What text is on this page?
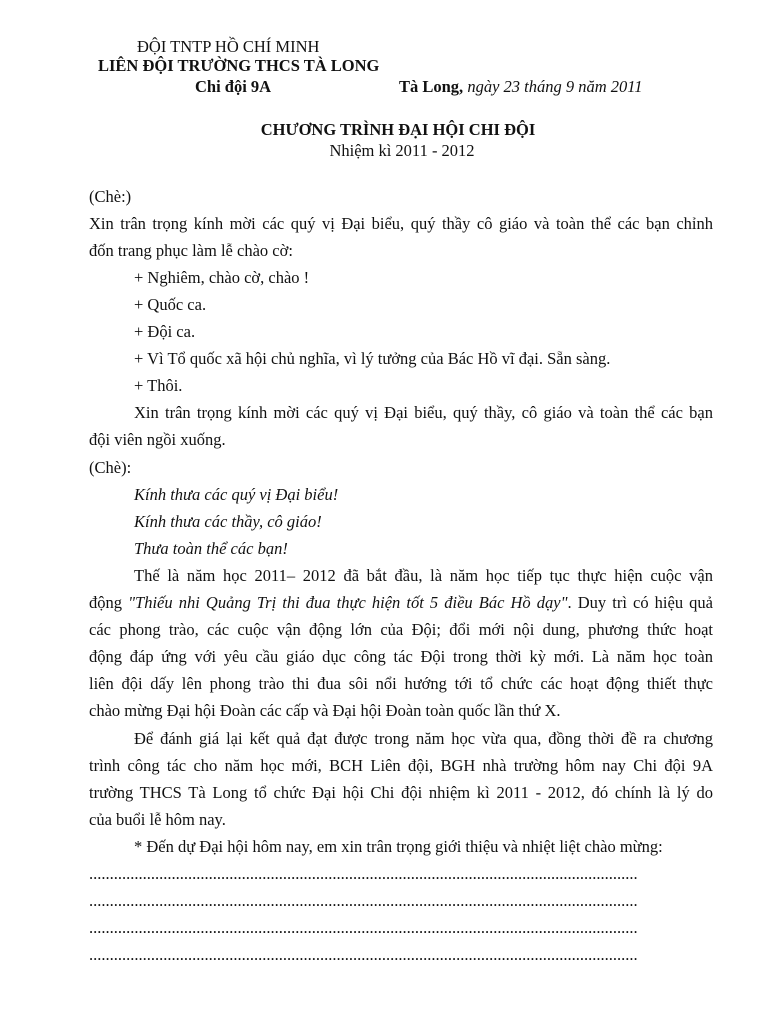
ĐỘI TNTP HỒ CHÍ MINH
LIÊN ĐỘI TRƯỜNG THCS TÀ LONG
Chi đội 9A	Tà Long, ngày 23 tháng 9 năm 2011
CHƯƠNG TRÌNH ĐẠI HỘI CHI ĐỘI
Nhiệm kì 2011 - 2012
(Chè:)
Xin trân trọng kính mời các quý vị Đại biểu, quý thầy cô giáo và toàn thể các bạn chỉnh
đốn trang phục làm lễ chào cờ:
+ Nghiêm, chào cờ, chào !
+ Quốc ca.
+ Đội ca.
+ Vì Tổ quốc xã hội chủ nghĩa, vì lý tưởng của Bác Hồ vĩ đại. Sẵn sàng.
+ Thôi.
Xin trân trọng kính mời các quý vị Đại biểu, quý thầy, cô giáo và toàn thể các bạn
đội viên ngồi xuống.
(Chè):
Kính thưa các quý vị Đại biểu!
Kính thưa các thầy, cô giáo!
Thưa toàn thể các bạn!
Thế là năm học 2011– 2012 đã bắt đầu, là năm học tiếp tục thực hiện cuộc vận
động "Thiếu nhi Quảng Trị thi đua thực hiện tốt 5 điều Bác Hồ dạy". Duy trì có hiệu quả
các phong trào, các cuộc vận động lớn của Đội; đổi mới nội dung, phương thức hoạt
động đáp ứng với yêu cầu giáo dục công tác Đội trong thời kỳ mới. Là năm học toàn
liên đội dấy lên phong trào thi đua sôi nổi hướng tới tổ chức các hoạt động thiết thực
chào mừng Đại hội Đoàn các cấp và Đại hội Đoàn toàn quốc lần thứ X.
Để đánh giá lại kết quả đạt được trong năm học vừa qua, đồng thời đề ra chương
trình công tác cho năm học mới, BCH Liên đội, BGH nhà trường hôm nay Chi đội 9A
trường THCS Tà Long tổ chức Đại hội Chi đội nhiệm kì 2011 - 2012, đó chính là lý do
của buổi lễ hôm nay.
* Đến dự Đại hội hôm nay, em xin trân trọng giới thiệu và nhiệt liệt chào mừng:
.....................................................................................................................................
.....................................................................................................................................
.....................................................................................................................................
.....................................................................................................................................
